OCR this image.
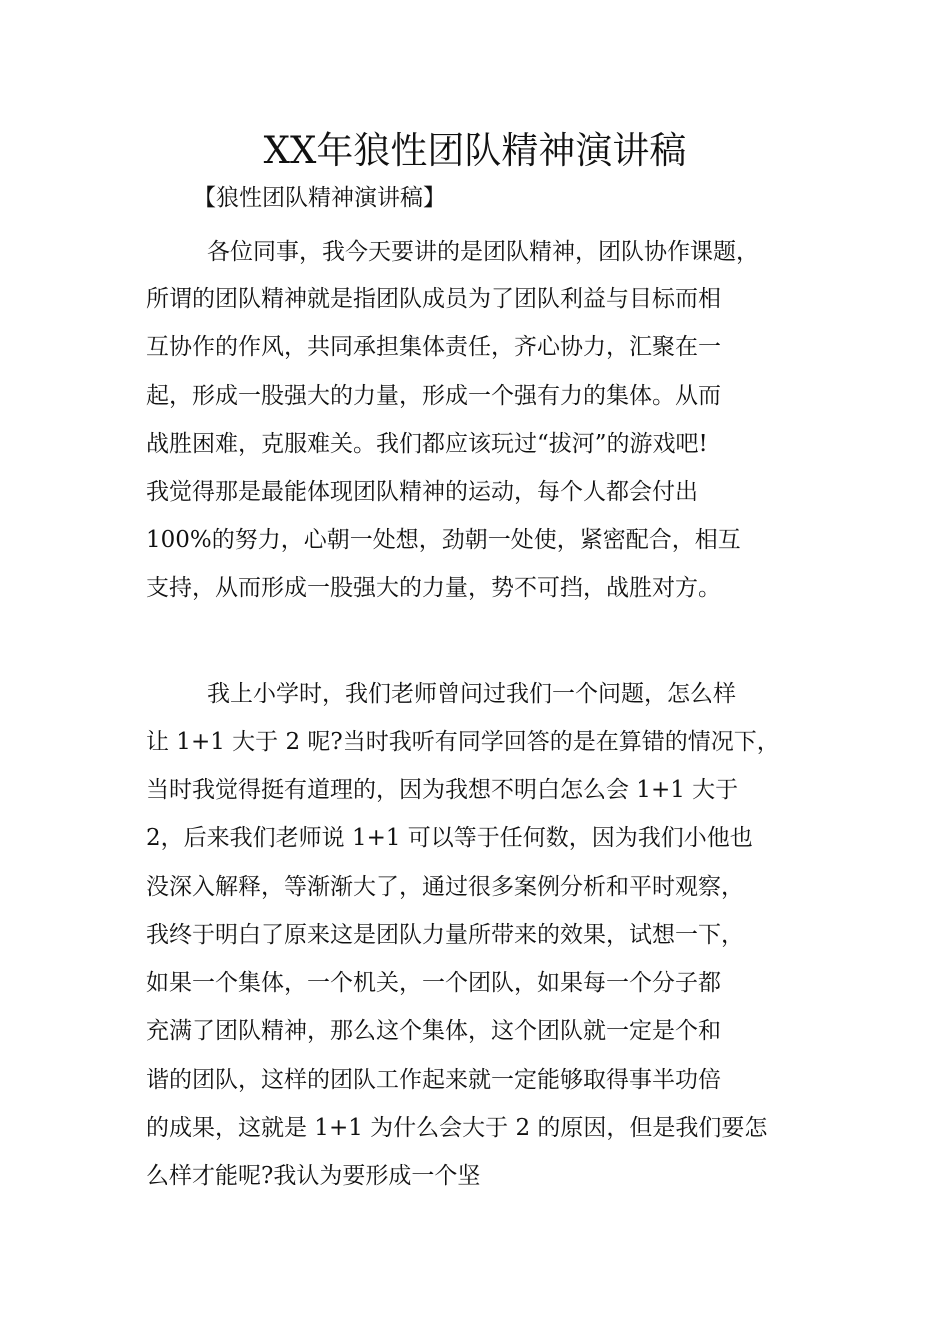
XX年狼性团队精神演讲稿
【狼性团队精神演讲稿】
各位同事，我今天要讲的是团队精神，团队协作课题，
所谓的团队精神就是指团队成员为了团队利益与目标而相
互协作的作风，共同承担集体责任，齐心协力，汇聚在一
起，形成一股强大的力量，形成一个强有力的集体。从而
战胜困难，克服难关。我们都应该玩过“拔河”的游戏吧!
我觉得那是最能体现团队精神的运动，每个人都会付出
100%的努力，心朝一处想，劲朝一处使，紧密配合，相互
支持，从而形成一股强大的力量，势不可挡，战胜对方。
我上小学时，我们老师曾问过我们一个问题，怎么样
让 1+1 大于 2 呢?当时我听有同学回答的是在算错的情况下，
当时我觉得挺有道理的，因为我想不明白怎么会 1+1 大于
2，后来我们老师说 1+1 可以等于任何数，因为我们小他也
没深入解释，等渐渐大了，通过很多案例分析和平时观察，
我终于明白了原来这是团队力量所带来的效果，试想一下，
如果一个集体，一个机关，一个团队，如果每一个分子都
充满了团队精神，那么这个集体，这个团队就一定是个和
谐的团队，这样的团队工作起来就一定能够取得事半功倍
的成果，这就是 1+1 为什么会大于 2 的原因，但是我们要怎
么样才能呢?我认为要形成一个坚
